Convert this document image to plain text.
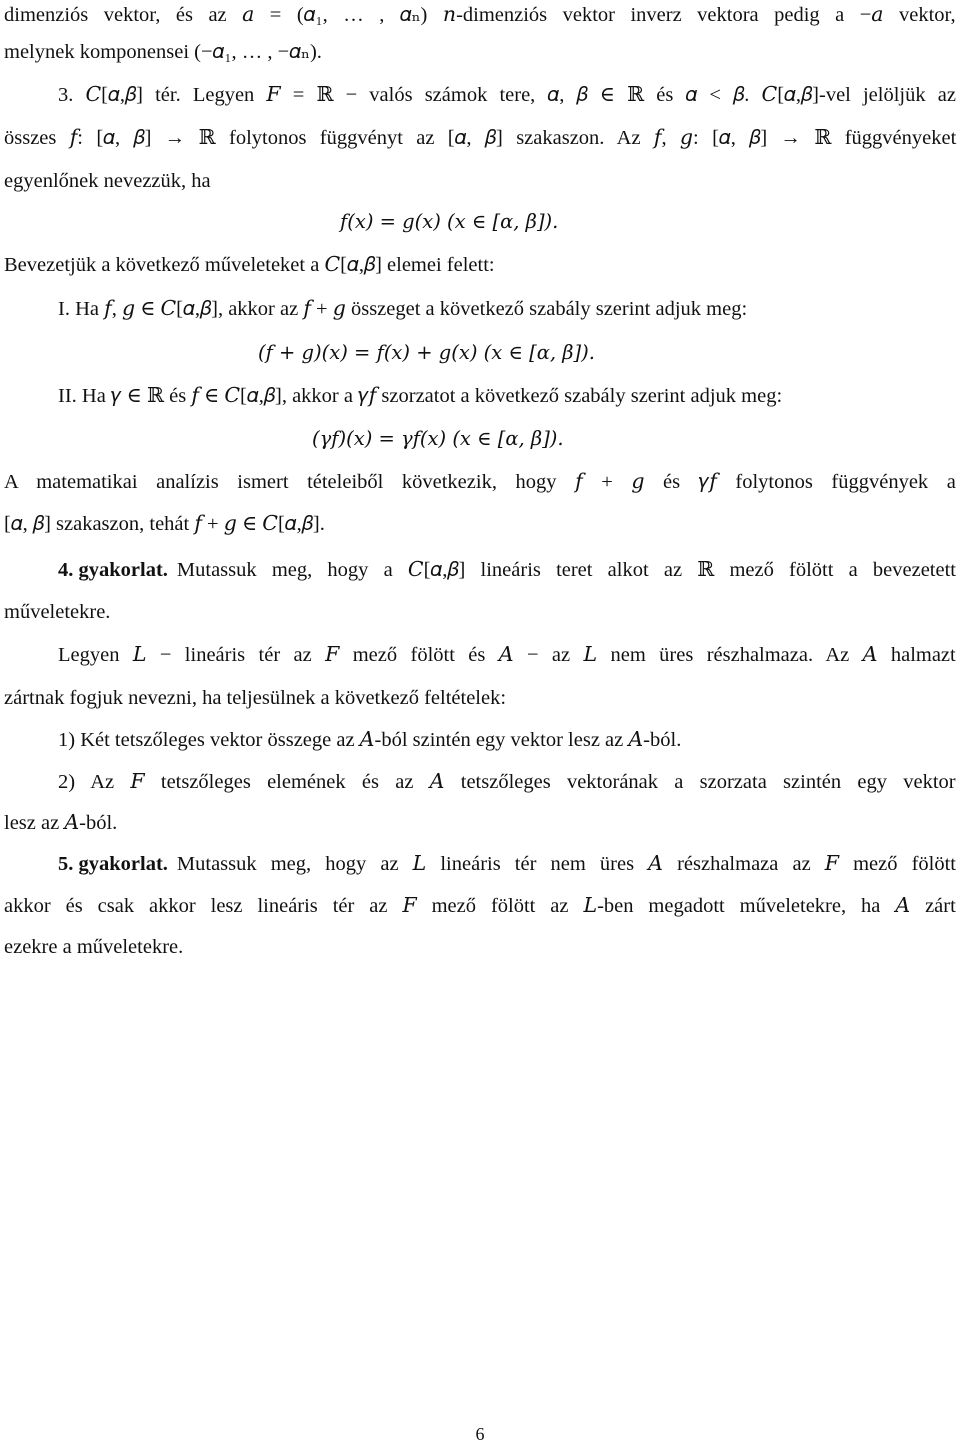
dimenziós vektor, és az 𝑎 = (𝛼₁, … , 𝛼ₙ) 𝑛-dimenziós vektor inverz vektora pedig a −𝑎 vektor,
melynek komponensei (−𝛼₁, … , −𝛼ₙ).
3. 𝐶[𝛼,𝛽] tér. Legyen 𝐹 = ℝ − valós számok tere, 𝛼, 𝛽 ∈ ℝ és 𝛼 < 𝛽. 𝐶[𝛼,𝛽]-vel jelöljük az
összes 𝑓: [𝛼, 𝛽] → ℝ folytonos függvényt az [𝛼, 𝛽] szakaszon. Az 𝑓, 𝑔: [𝛼, 𝛽] → ℝ függvényeket
egyenlőnek nevezzük, ha
𝑓(𝑥) = 𝑔(𝑥) (𝑥 ∈ [𝛼, 𝛽]).
Bevezetjük a következő műveleteket a 𝐶[𝛼,𝛽] elemei felett:
I. Ha 𝑓, 𝑔 ∈ 𝐶[𝛼,𝛽], akkor az 𝑓 + 𝑔 összeget a következő szabály szerint adjuk meg:
(𝑓 + 𝑔)(𝑥) = 𝑓(𝑥) + 𝑔(𝑥) (𝑥 ∈ [𝛼, 𝛽]).
II. Ha 𝛾 ∈ ℝ és 𝑓 ∈ 𝐶[𝛼,𝛽], akkor a 𝛾𝑓 szorzatot a következő szabály szerint adjuk meg:
(𝛾𝑓)(𝑥) = 𝛾𝑓(𝑥) (𝑥 ∈ [𝛼, 𝛽]).
A matematikai analízis ismert tételeiből következik, hogy 𝑓 + 𝑔 és 𝛾𝑓 folytonos függvények a
[𝛼, 𝛽] szakaszon, tehát 𝑓 + 𝑔 ∈ 𝐶[𝛼,𝛽].
4. gyakorlat. Mutassuk meg, hogy a 𝐶[𝛼,𝛽] lineáris teret alkot az ℝ mező fölött a bevezetett
műveletekre.
Legyen 𝐿 − lineáris tér az 𝐹 mező fölött és 𝐴 − az 𝐿 nem üres részhalmaza. Az 𝐴 halmazt
zártnak fogjuk nevezni, ha teljesülnek a következő feltételek:
1) Két tetszőleges vektor összege az 𝐴-ból szintén egy vektor lesz az 𝐴-ból.
2) Az 𝐹 tetszőleges elemének és az 𝐴 tetszőleges vektorának a szorzata szintén egy vektor
lesz az 𝐴-ból.
5. gyakorlat. Mutassuk meg, hogy az 𝐿 lineáris tér nem üres 𝐴 részhalmaza az 𝐹 mező fölött
akkor és csak akkor lesz lineáris tér az 𝐹 mező fölött az 𝐿-ben megadott műveletekre, ha 𝐴 zárt
ezekre a műveletekre.
6
